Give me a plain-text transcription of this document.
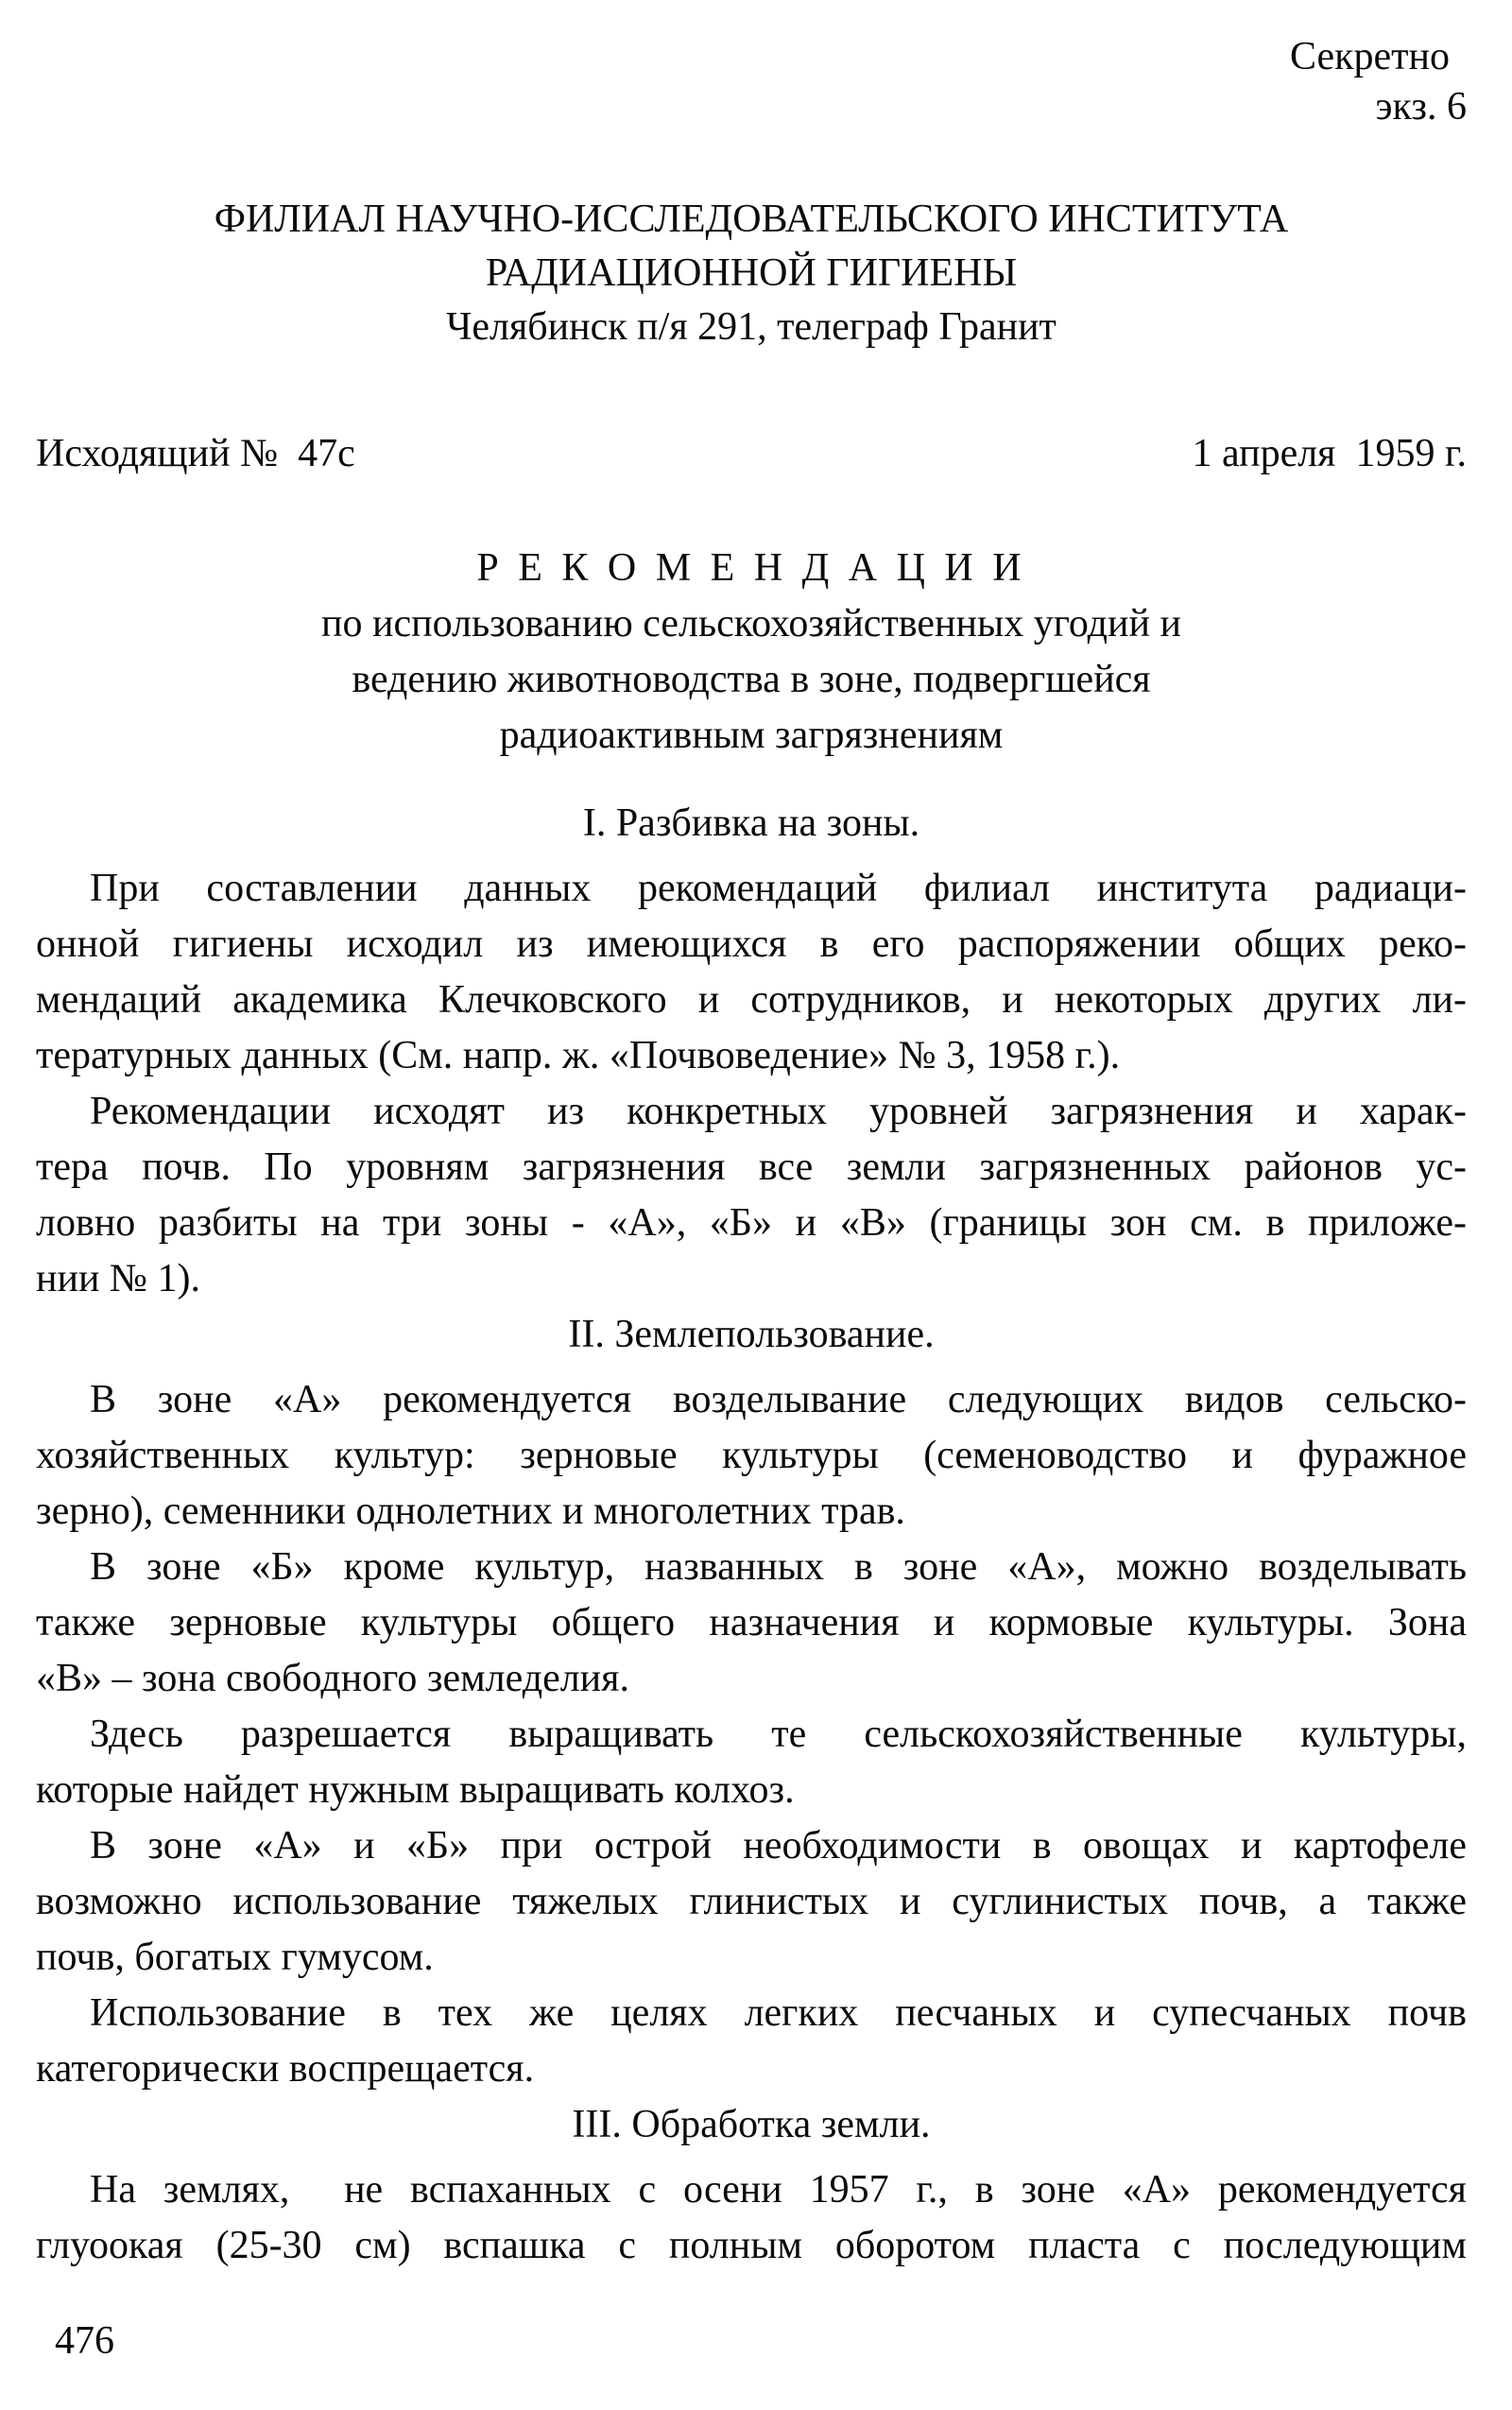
Секретно
экз. 6
ФИЛИАЛ НАУЧНО-ИССЛЕДОВАТЕЛЬСКОГО ИНСТИТУТА
РАДИАЦИОННОЙ ГИГИЕНЫ
Челябинск п/я 291, телеграф Гранит
Исходящий №  47с	1 апреля  1959 г.
Р Е К О М Е Н Д А Ц И И
по использованию сельскохозяйственных угодий и
ведению животноводства в зоне, подвергшейся
радиоактивным загрязнениям
I. Разбивка на зоны.
При составлении данных рекомендаций филиал института радиаци-
онной гигиены исходил из имеющихся в его распоряжении общих реко-
мендаций академика Клечковского и сотрудников, и некоторых других ли-
тературных данных (См. напр. ж. «Почвоведение» № 3, 1958 г.).
Рекомендации исходят из конкретных уровней загрязнения и харак-
тера почв. По уровням загрязнения все земли загрязненных районов ус-
ловно разбиты на три зоны - «А», «Б» и «В» (границы зон см. в приложе-
нии № 1).
II. Землепользование.
В зоне «А» рекомендуется возделывание следующих видов сельско-
хозяйственных культур: зерновые культуры (семеноводство и фуражное
зерно), семенники однолетних и многолетних трав.
В зоне «Б» кроме культур, названных в зоне «А», можно возделывать
также зерновые культуры общего назначения и кормовые культуры. Зона
«В» – зона свободного земледелия.
Здесь разрешается выращивать те сельскохозяйственные культуры,
которые найдет нужным выращивать колхоз.
В зоне «А» и «Б» при острой необходимости в овощах и картофеле
возможно использование тяжелых глинистых и суглинистых почв, а также
почв, богатых гумусом.
Использование в тех же целях легких песчаных и супесчаных почв
категорически воспрещается.
III. Обработка земли.
На землях,  не вспаханных с осени 1957 г., в зоне «А» рекомендуется
глуоокая (25-30 см) вспашка с полным оборотом пласта с последующим
476
